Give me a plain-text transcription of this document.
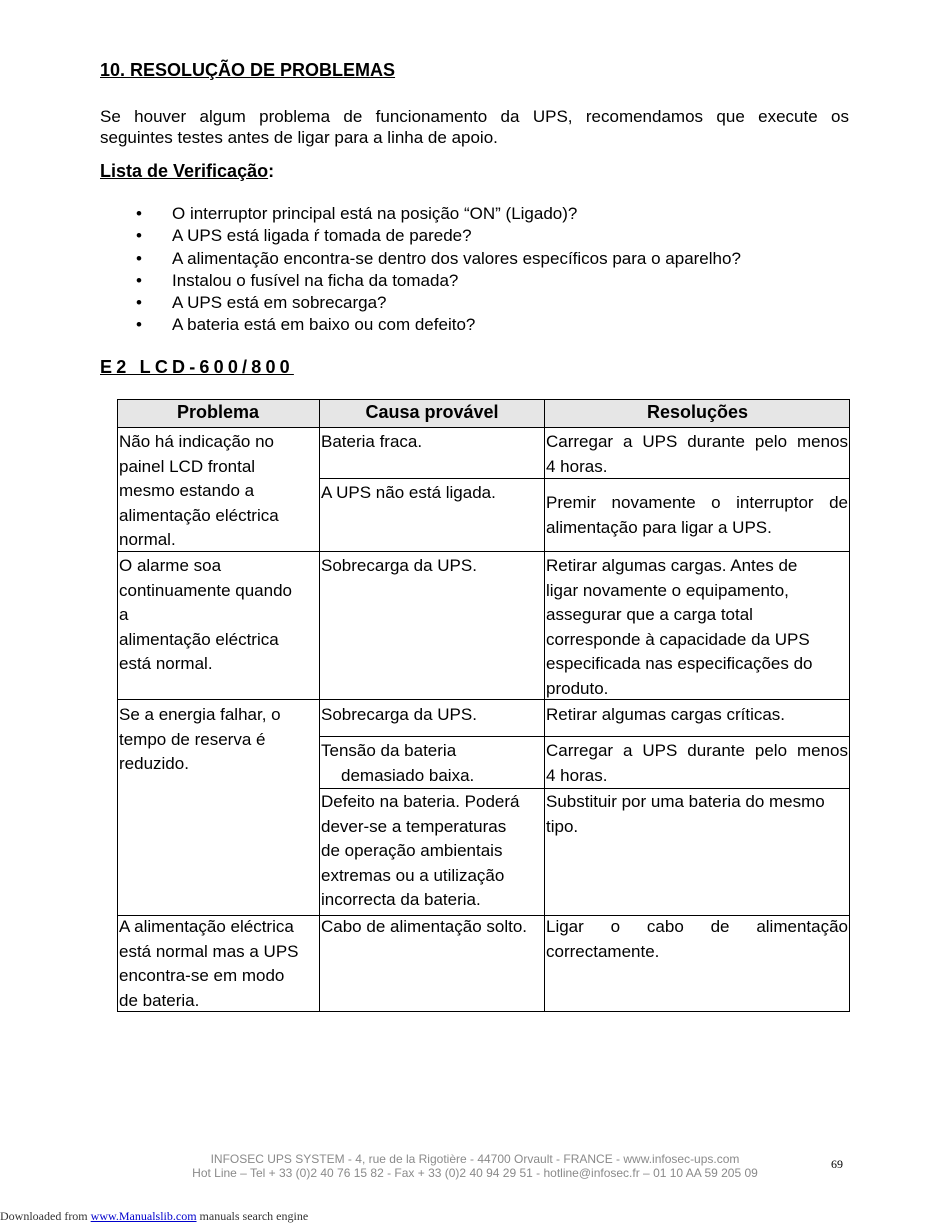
10. RESOLUÇÃO DE PROBLEMAS
Se houver algum problema de funcionamento da UPS, recomendamos que execute os
seguintes testes antes de ligar para a linha de apoio.
Lista de Verificação:
• O interruptor principal está na posição “ON” (Ligado)?
• A UPS está ligada ŕ tomada de parede?
• A alimentação encontra-se dentro dos valores específicos para o aparelho?
• Instalou o fusível na ficha da tomada?
• A UPS está em sobrecarga?
• A bateria está em baixo ou com defeito?
E2 LCD-600/800
Problema	Causa provável	Resoluções
Não há indicação no
painel LCD frontal
mesmo estando a
alimentação eléctrica
normal.
O alarme soa
continuamente quando
a
alimentação eléctrica
está normal.
Se a energia falhar, o
tempo de reserva é
reduzido.
A alimentação eléctrica
está normal mas a UPS
encontra-se em modo
de bateria.
Bateria fraca.
A UPS não está ligada.
Sobrecarga da UPS.
Sobrecarga da UPS.
Tensão da bateria
demasiado baixa.
Defeito na bateria. Poderá
dever-se a temperaturas
de operação ambientais
extremas ou a utilização
incorrecta da bateria.
Cabo de alimentação solto.
Carregar a UPS durante pelo menos
4 horas.
Premir novamente o interruptor de
alimentação para ligar a UPS.
Retirar algumas cargas. Antes de
ligar novamente o equipamento,
assegurar que a carga total
corresponde à capacidade da UPS
especificada nas especificações do
produto.
Retirar algumas cargas críticas.
Carregar a UPS durante pelo menos
4 horas.
Substituir por uma bateria do mesmo
tipo.
Ligar o cabo de alimentação
correctamente.
INFOSEC UPS SYSTEM - 4, rue de la Rigotière - 44700 Orvault - FRANCE - www.infosec-ups.com
Hot Line – Tel + 33 (0)2 40 76 15 82 - Fax + 33 (0)2 40 94 29 51 - hotline@infosec.fr – 01 10 AA 59 205 09
69
Downloaded from www.Manualslib.com manuals search engine
